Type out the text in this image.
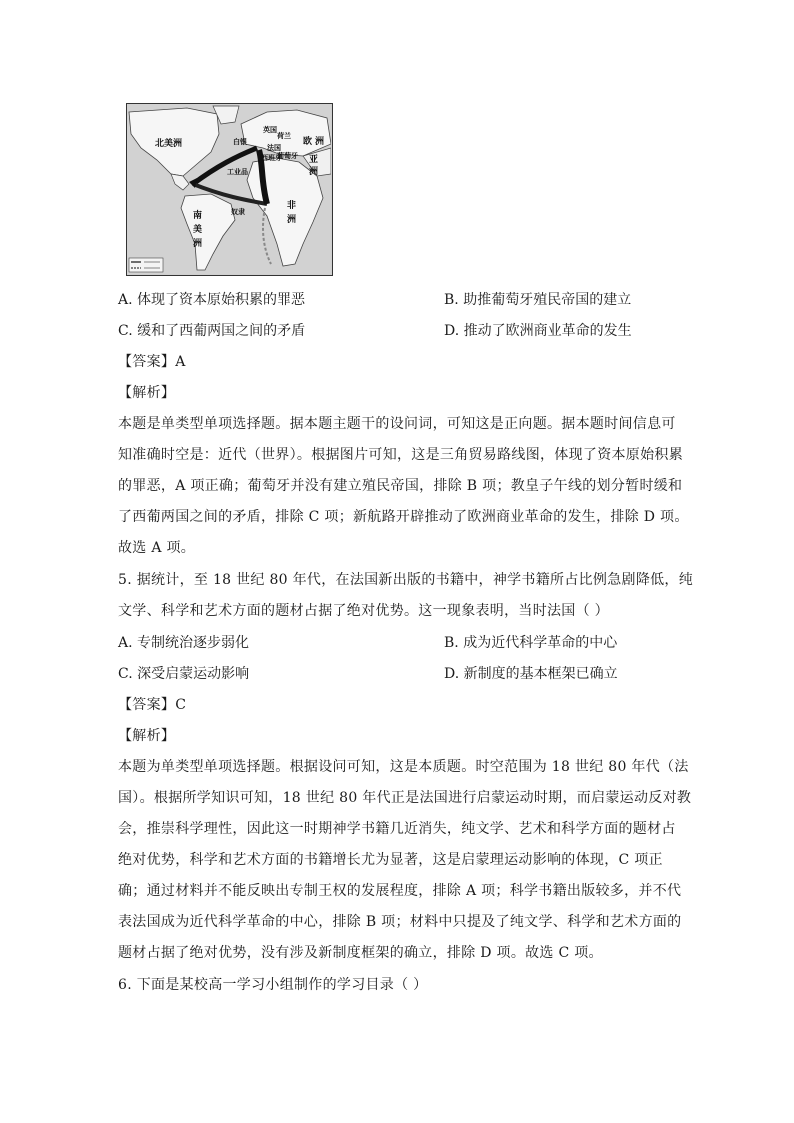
北美洲
南
美
洲
欧 洲
亚
洲
非
洲
英国
荷兰
法国
西班牙
葡萄牙
白银
工业品
奴隶
A. 体现了资本原始积累的罪恶	B. 助推葡萄牙殖民帝国的建立
C. 缓和了西葡两国之间的矛盾	D. 推动了欧洲商业革命的发生
【答案】A
【解析】
本题是单类型单项选择题。据本题主题干的设问词，可知这是正向题。据本题时间信息可
知准确时空是：近代（世界）。根据图片可知，这是三角贸易路线图，体现了资本原始积累
的罪恶，A 项正确；葡萄牙并没有建立殖民帝国，排除 B 项；教皇子午线的划分暂时缓和
了西葡两国之间的矛盾，排除 C 项；新航路开辟推动了欧洲商业革命的发生，排除 D 项。
故选 A 项。
5. 据统计，至 18 世纪 80 年代，在法国新出版的书籍中，神学书籍所占比例急剧降低，纯
文学、科学和艺术方面的题材占据了绝对优势。这一现象表明，当时法国（ ）
A. 专制统治逐步弱化	B. 成为近代科学革命的中心
C. 深受启蒙运动影响	D. 新制度的基本框架已确立
【答案】C
【解析】
本题为单类型单项选择题。根据设问可知，这是本质题。时空范围为 18 世纪 80 年代（法
国）。根据所学知识可知，18 世纪 80 年代正是法国进行启蒙运动时期，而启蒙运动反对教
会，推崇科学理性，因此这一时期神学书籍几近消失，纯文学、艺术和科学方面的题材占
绝对优势，科学和艺术方面的书籍增长尤为显著，这是启蒙理运动影响的体现，C 项正
确；通过材料并不能反映出专制王权的发展程度，排除 A 项；科学书籍出版较多，并不代
表法国成为近代科学革命的中心，排除 B 项；材料中只提及了纯文学、科学和艺术方面的
题材占据了绝对优势，没有涉及新制度框架的确立，排除 D 项。故选 C 项。
6. 下面是某校高一学习小组制作的学习目录（ ）
